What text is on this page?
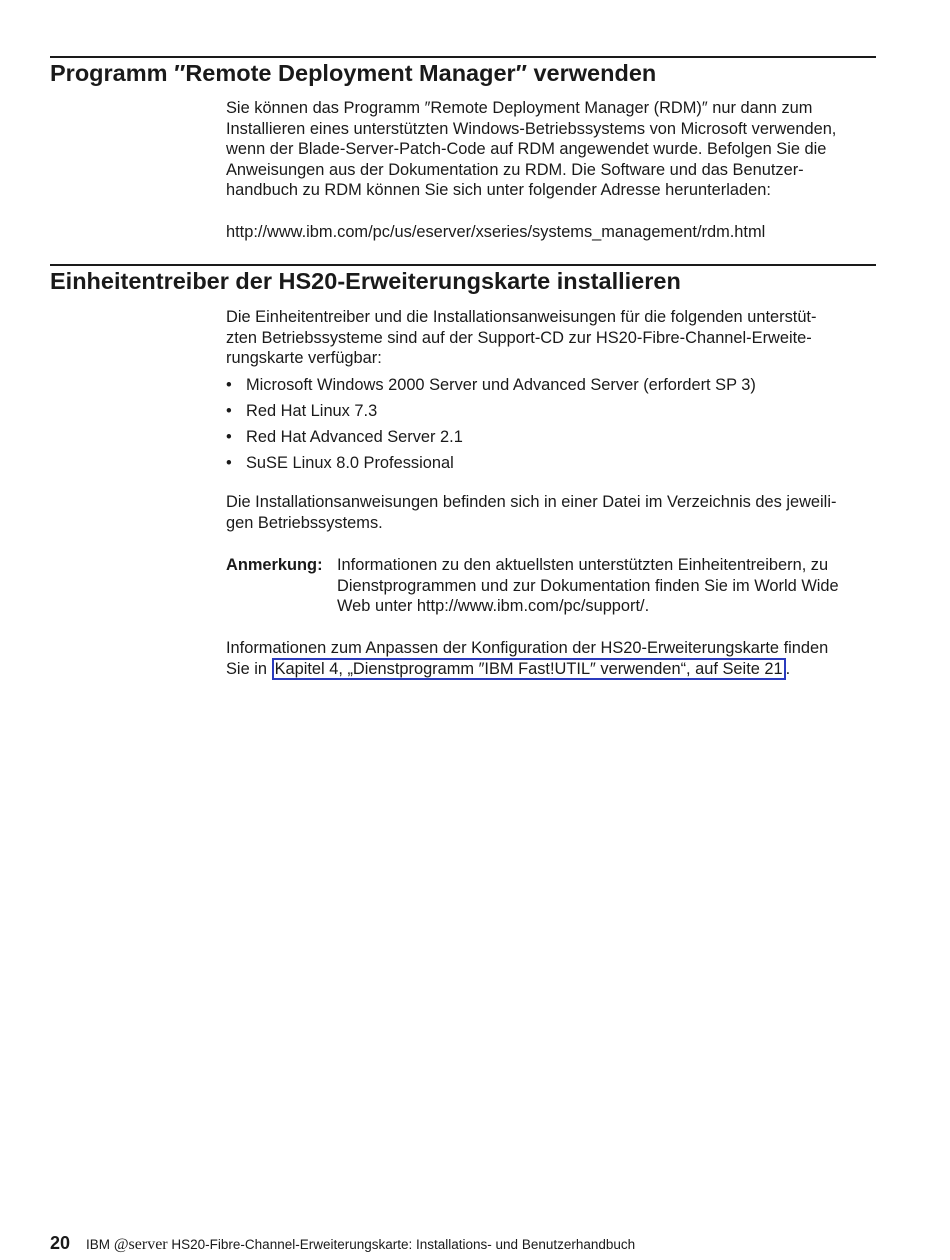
Programm ″Remote Deployment Manager″ verwenden

Sie können das Programm ″Remote Deployment Manager (RDM)″ nur dann zum

Installieren eines unterstützten Windows-Betriebssystems von Microsoft verwenden,

wenn der Blade-Server-Patch-Code auf RDM angewendet wurde. Befolgen Sie die

Anweisungen aus der Dokumentation zu RDM. Die Software und das Benutzer-

handbuch zu RDM können Sie sich unter folgender Adresse herunterladen:

http://www.ibm.com/pc/us/eserver/xseries/systems_management/rdm.html
Einheitentreiber der HS20-Erweiterungskarte installieren

Die Einheitentreiber und die Installationsanweisungen für die folgenden unterstüt-

zten Betriebssysteme sind auf der Support-CD zur HS20-Fibre-Channel-Erweite-

rungskarte verfügbar:

• Microsoft Windows 2000 Server und Advanced Server (erfordert SP 3)
• Red Hat Linux 7.3
• Red Hat Advanced Server 2.1
• SuSE Linux 8.0 Professional

Die Installationsanweisungen befinden sich in einer Datei im Verzeichnis des jeweili-

gen Betriebssystems.

Anmerkung: Informationen zu den aktuellsten unterstützten Einheitentreibern, zu

Dienstprogrammen und zur Dokumentation finden Sie im World Wide

Web unter http://www.ibm.com/pc/support/.

Informationen zum Anpassen der Konfiguration der HS20-Erweiterungskarte finden

Sie in Kapitel 4, „Dienstprogramm ″IBM Fast!UTIL″ verwenden“, auf Seite 21 .

20 IBM @server HS20-Fibre-Channel-Erweiterungskarte: Installations- und Benutzerhandbuch
